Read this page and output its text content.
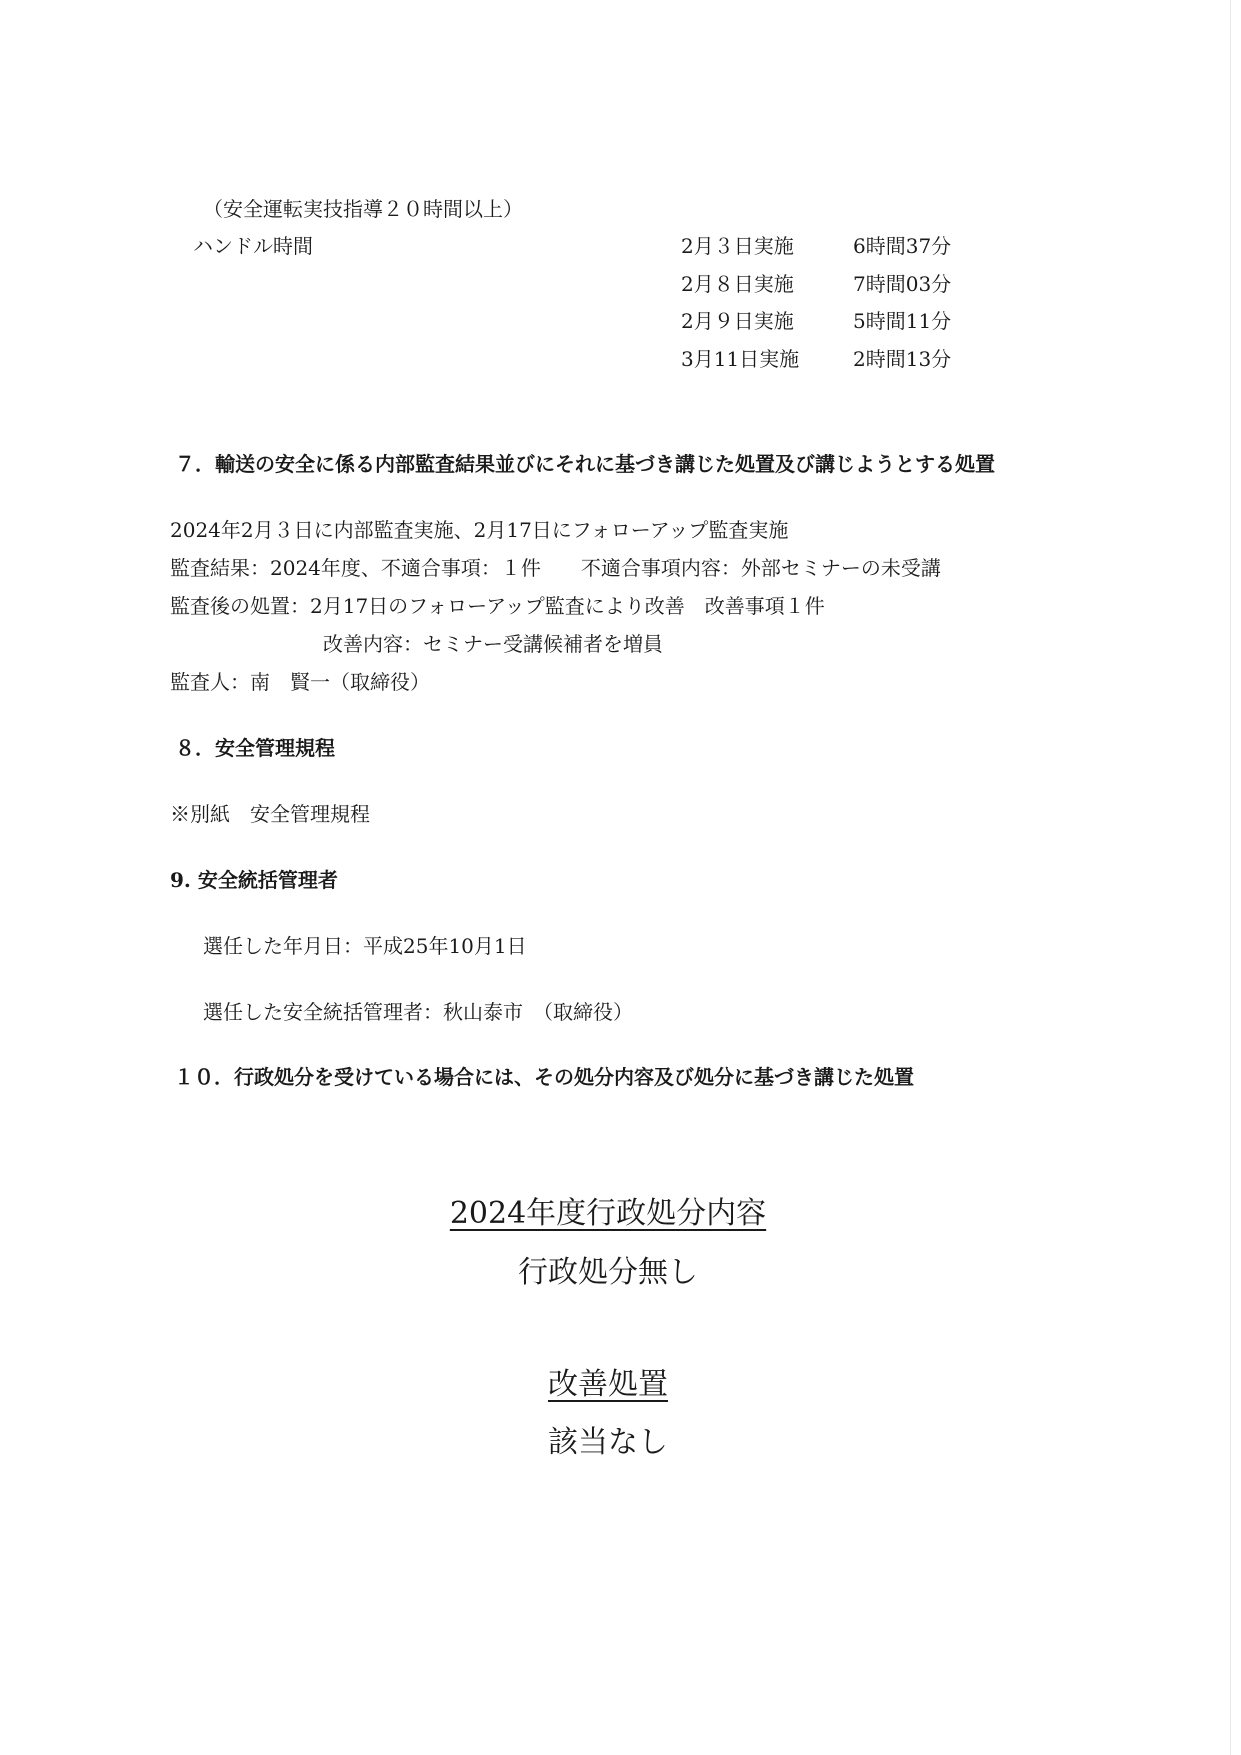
（安全運転実技指導２０時間以上）
ハンドル時間	2月３日実施	6時間37分
2月８日実施	7時間03分
2月９日実施	5時間11分
3月11日実施	2時間13分
７．輸送の安全に係る内部監査結果並びにそれに基づき講じた処置及び講じようとする処置
2024年2月３日に内部監査実施、2月17日にフォローアップ監査実施
監査結果：2024年度、不適合事項：１件　　不適合事項内容：外部セミナーの未受講
監査後の処置：2月17日のフォローアップ監査により改善　改善事項１件
改善内容：セミナー受講候補者を増員
監査人：南　賢一（取締役）
８．安全管理規程
※別紙　安全管理規程
9. 安全統括管理者
選任した年月日：平成25年10月1日
選任した安全統括管理者：秋山泰市　（取締役）
１０．行政処分を受けている場合には、その処分内容及び処分に基づき講じた処置
2024年度行政処分内容
行政処分無し
改善処置
該当なし
